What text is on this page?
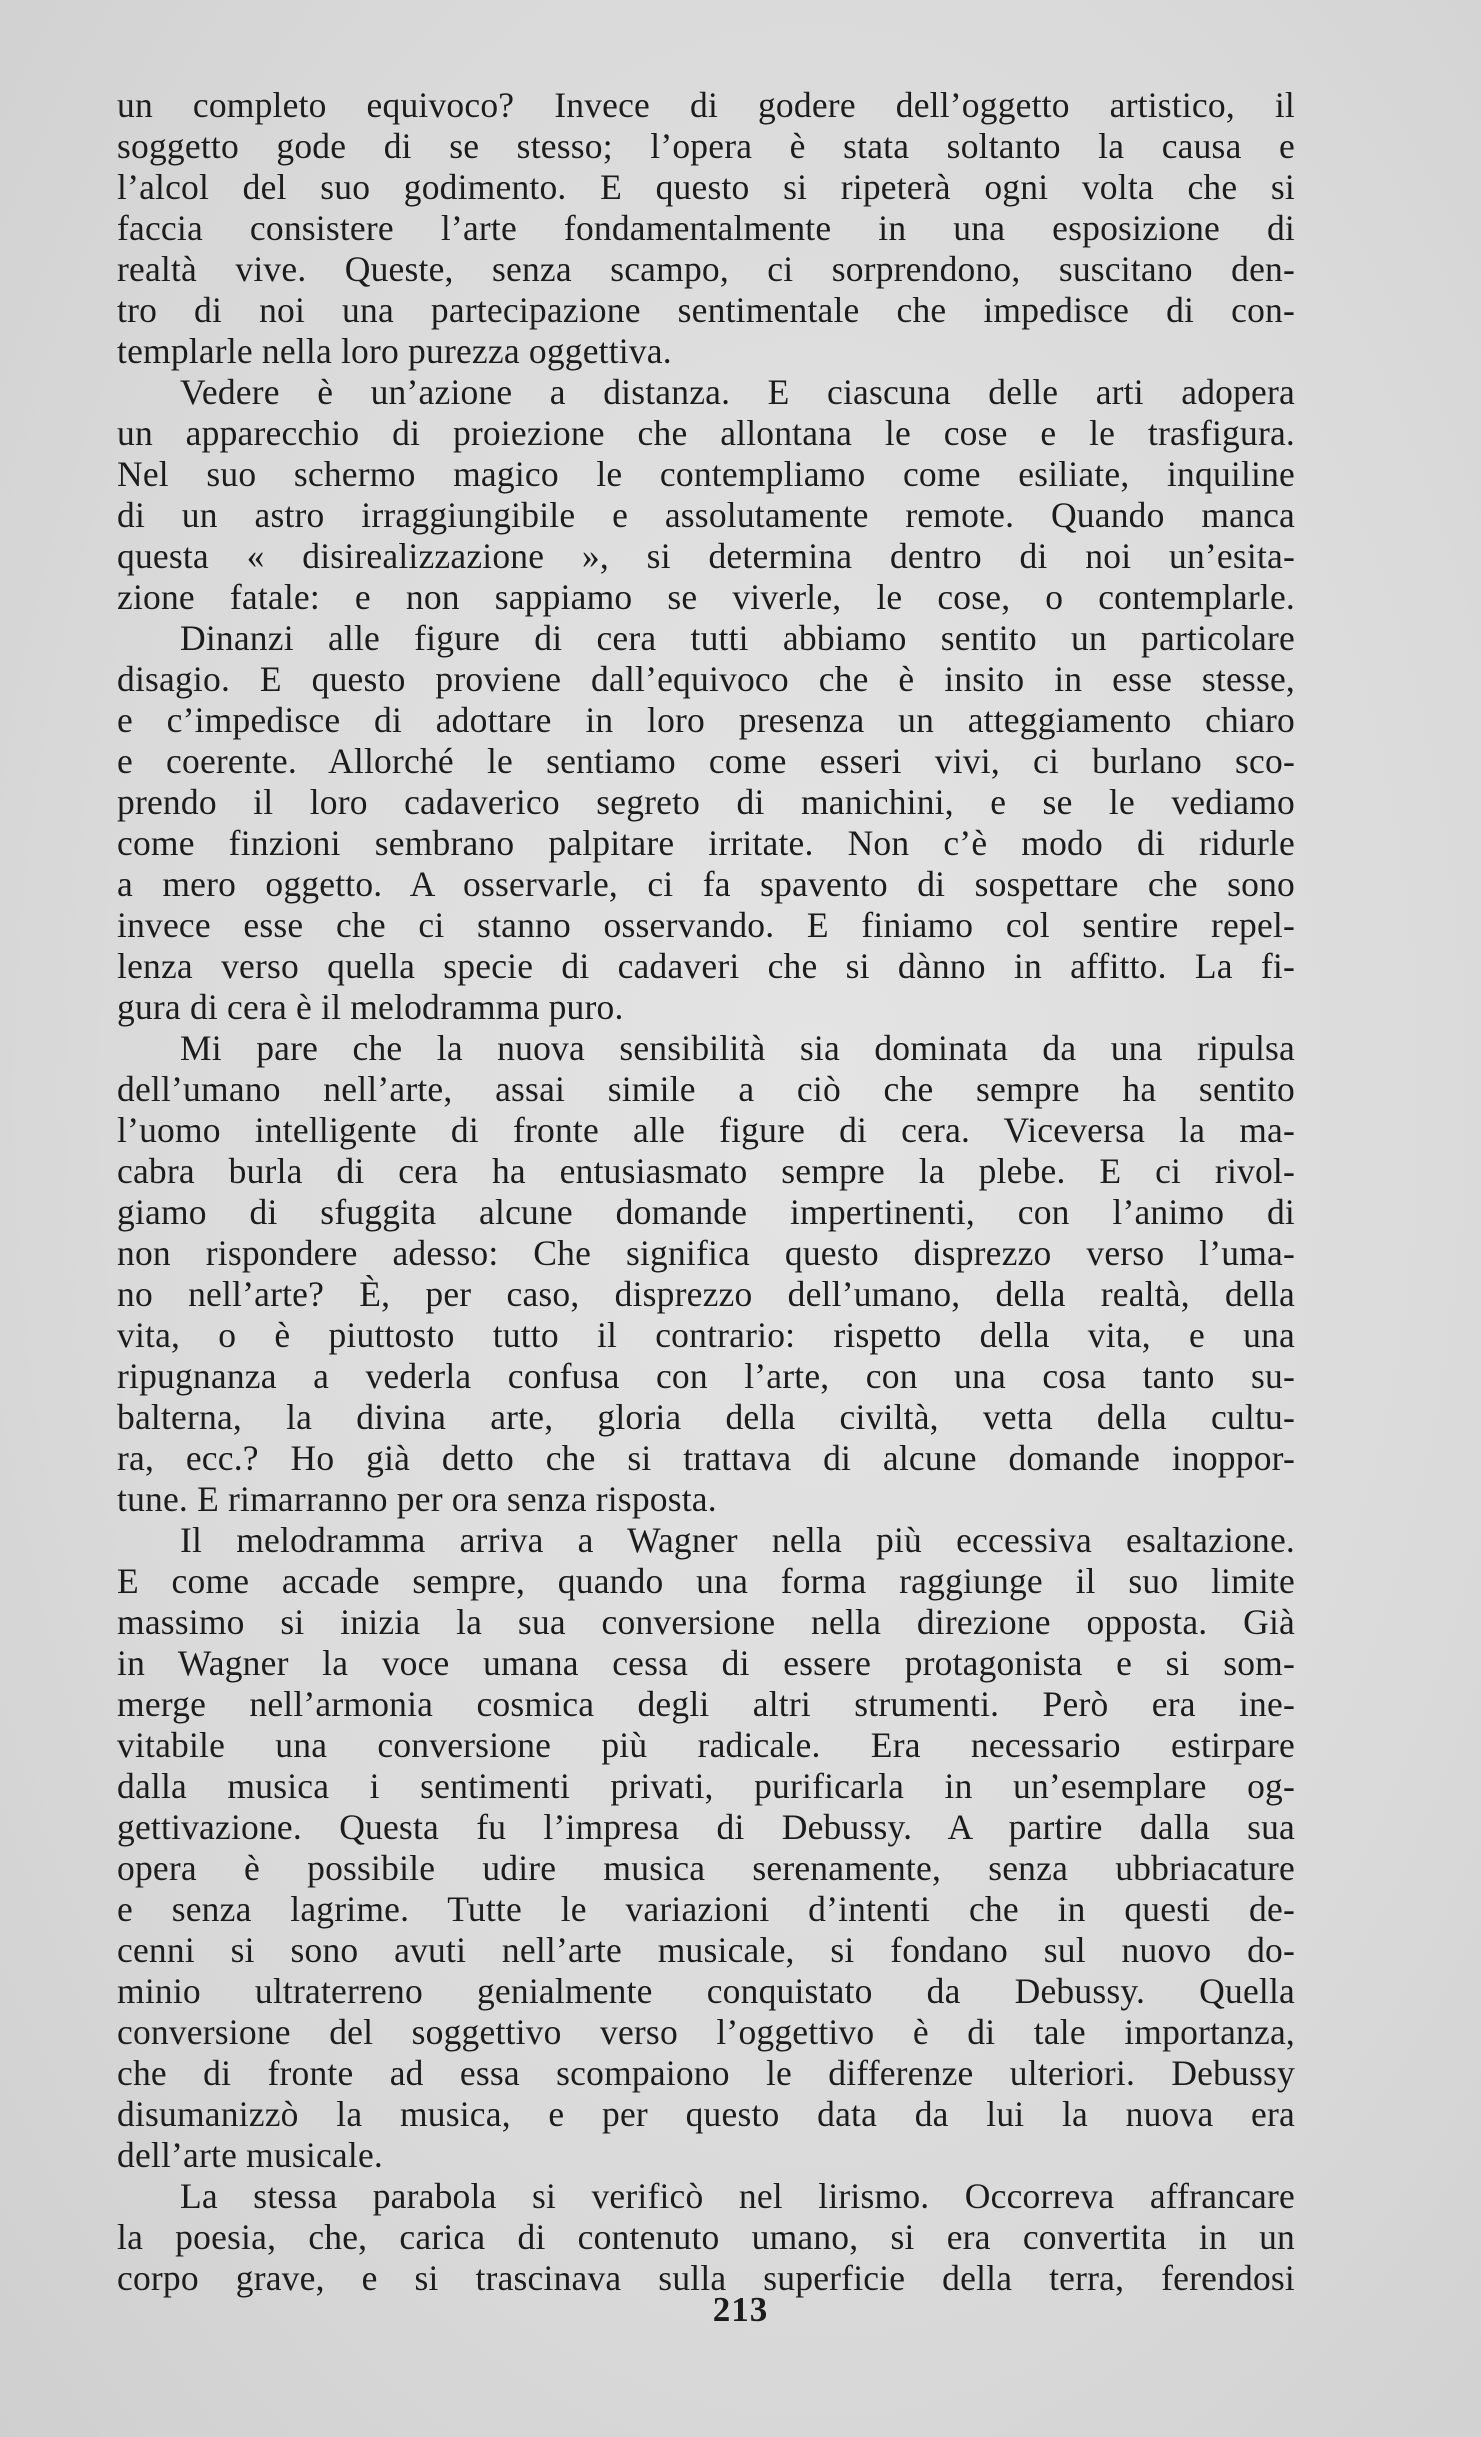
un completo equivoco? Invece di godere dell’oggetto artistico, il
soggetto gode di se stesso; l’opera è stata soltanto la causa e
l’alcol del suo godimento. E questo si ripeterà ogni volta che si
faccia consistere l’arte fondamentalmente in una esposizione di
realtà vive. Queste, senza scampo, ci sorprendono, suscitano den-
tro di noi una partecipazione sentimentale che impedisce di con-
templarle nella loro purezza oggettiva.
Vedere è un’azione a distanza. E ciascuna delle arti adopera
un apparecchio di proiezione che allontana le cose e le trasfigura.
Nel suo schermo magico le contempliamo come esiliate, inquiline
di un astro irraggiungibile e assolutamente remote. Quando manca
questa « disirealizzazione », si determina dentro di noi un’esita-
zione fatale: e non sappiamo se viverle, le cose, o contemplarle.
Dinanzi alle figure di cera tutti abbiamo sentito un particolare
disagio. E questo proviene dall’equivoco che è insito in esse stesse,
e c’impedisce di adottare in loro presenza un atteggiamento chiaro
e coerente. Allorché le sentiamo come esseri vivi, ci burlano sco-
prendo il loro cadaverico segreto di manichini, e se le vediamo
come finzioni sembrano palpitare irritate. Non c’è modo di ridurle
a mero oggetto. A osservarle, ci fa spavento di sospettare che sono
invece esse che ci stanno osservando. E finiamo col sentire repel-
lenza verso quella specie di cadaveri che si dànno in affitto. La fi-
gura di cera è il melodramma puro.
Mi pare che la nuova sensibilità sia dominata da una ripulsa
dell’umano nell’arte, assai simile a ciò che sempre ha sentito
l’uomo intelligente di fronte alle figure di cera. Viceversa la ma-
cabra burla di cera ha entusiasmato sempre la plebe. E ci rivol-
giamo di sfuggita alcune domande impertinenti, con l’animo di
non rispondere adesso: Che significa questo disprezzo verso l’uma-
no nell’arte? È, per caso, disprezzo dell’umano, della realtà, della
vita, o è piuttosto tutto il contrario: rispetto della vita, e una
ripugnanza a vederla confusa con l’arte, con una cosa tanto su-
balterna, la divina arte, gloria della civiltà, vetta della cultu-
ra, ecc.? Ho già detto che si trattava di alcune domande inoppor-
tune. E rimarranno per ora senza risposta.
Il melodramma arriva a Wagner nella più eccessiva esaltazione.
E come accade sempre, quando una forma raggiunge il suo limite
massimo si inizia la sua conversione nella direzione opposta. Già
in Wagner la voce umana cessa di essere protagonista e si som-
merge nell’armonia cosmica degli altri strumenti. Però era ine-
vitabile una conversione più radicale. Era necessario estirpare
dalla musica i sentimenti privati, purificarla in un’esemplare og-
gettivazione. Questa fu l’impresa di Debussy. A partire dalla sua
opera è possibile udire musica serenamente, senza ubbriacature
e senza lagrime. Tutte le variazioni d’intenti che in questi de-
cenni si sono avuti nell’arte musicale, si fondano sul nuovo do-
minio ultraterreno genialmente conquistato da Debussy. Quella
conversione del soggettivo verso l’oggettivo è di tale importanza,
che di fronte ad essa scompaiono le differenze ulteriori. Debussy
disumanizzò la musica, e per questo data da lui la nuova era
dell’arte musicale.
La stessa parabola si verificò nel lirismo. Occorreva affrancare
la poesia, che, carica di contenuto umano, si era convertita in un
corpo grave, e si trascinava sulla superficie della terra, ferendosi
213
